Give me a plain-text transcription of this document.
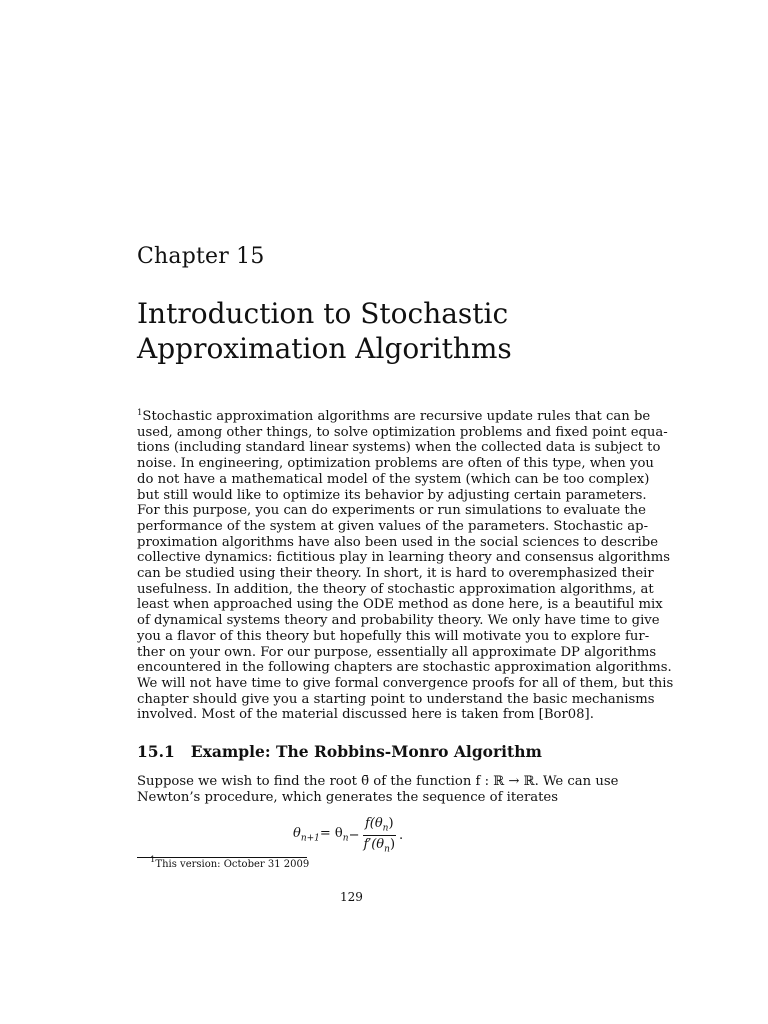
Chapter 15
Introduction to Stochastic
Approximation Algorithms
$^1$Stochastic approximation algorithms are recursive update rules that can be
used, among other things, to solve optimization problems and fixed point equa-
tions (including standard linear systems) when the collected data is subject to
noise. In engineering, optimization problems are often of this type, when you
do not have a mathematical model of the system (which can be too complex)
but still would like to optimize its behavior by adjusting certain parameters.
For this purpose, you can do experiments or run simulations to evaluate the
performance of the system at given values of the parameters. Stochastic ap-
proximation algorithms have also been used in the social sciences to describe
collective dynamics: fictitious play in learning theory and consensus algorithms
can be studied using their theory. In short, it is hard to overemphasized their
usefulness. In addition, the theory of stochastic approximation algorithms, at
least when approached using the ODE method as done here, is a beautiful mix
of dynamical systems theory and probability theory. We only have time to give
you a flavor of this theory but hopefully this will motivate you to explore fur-
ther on your own. For our purpose, essentially all approximate DP algorithms
encountered in the following chapters are stochastic approximation algorithms.
We will not have time to give formal convergence proofs for all of them, but this
chapter should give you a starting point to understand the basic mechanisms
involved. Most of the material discussed here is taken from [Bor08].
15.1 Example: The Robbins-Monro Algorithm
Suppose we wish to find the root θ̄ of the function f : ℝ → ℝ. We can use
Newton’s procedure, which generates the sequence of iterates
$\theta_{n+1} = \theta_n - \frac{f(\theta_n)}{f'(\theta_n)}$ .
$^1$This version: October 31 2009
129
